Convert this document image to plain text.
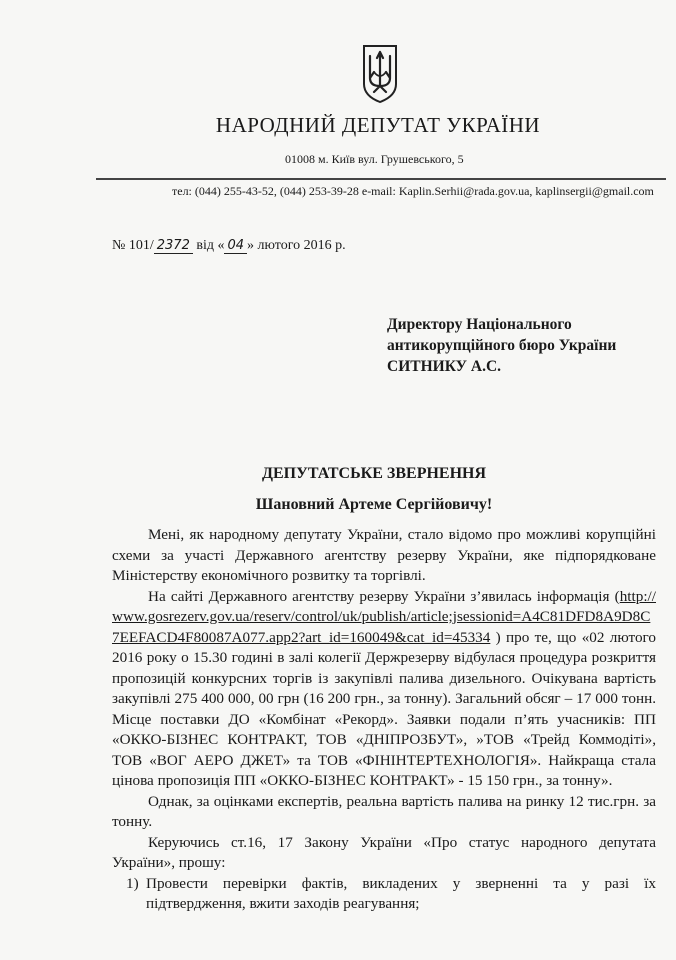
НАРОДНИЙ ДЕПУТАТ УКРАЇНИ
01008 м. Київ вул. Грушевського, 5
тел: (044) 255-43-52, (044) 253-39-28 e-mail: Kaplin.Serhii@rada.gov.ua, kaplinsergii@gmail.com
№ 101/ 2372 від « 04 » лютого 2016 р.
Директору Національного
антикорупційного бюро України
СИТНИКУ А.С.
ДЕПУТАТСЬКЕ ЗВЕРНЕННЯ
Шановний Артеме Сергійовичу!

Мені, як народному депутату України, стало відомо про можливі корупційні схеми за участі Державного агентству резерву України, яке підпорядковане Міністерству економічного розвитку та торгівлі.

На сайті Державного агентству резерву України з’явилась інформація (http://www.gosrezerv.gov.ua/reserv/control/uk/publish/article;jsessionid=A4C81DFD8A9D8C7EEFACD4F80087A077.app2?art_id=160049&cat_id=45334 ) про те, що «02 лютого 2016 року о 15.30 годині в залі колегії Держрезерву відбулася процедура розкриття пропозицій конкурсних торгів із закупівлі палива дизельного. Очікувана вартість закупівлі 275 400 000, 00 грн (16 200 грн., за тонну). Загальний обсяг – 17 000 тонн. Місце поставки ДО «Комбінат «Рекорд». Заявки подали п’ять учасників: ПП «ОККО-БІЗНЕС КОНТРАКТ, ТОВ «ДНІПРОЗБУТ», »ТОВ «Трейд Коммодіті», ТОВ «ВОГ АЕРО ДЖЕТ» та ТОВ «ФІНІНТЕРТЕХНОЛОГІЯ». Найкраща стала цінова пропозиція ПП «ОККО-БІЗНЕС КОНТРАКТ» - 15 150 грн., за тонну».

Однак, за оцінками експертів, реальна вартість палива на ринку 12 тис.грн. за тонну.

Керуючись ст.16, 17 Закону України «Про статус народного депутата України», прошу:

1) Провести перевірки фактів, викладених у зверненні та у разі їх підтвердження, вжити заходів реагування;
